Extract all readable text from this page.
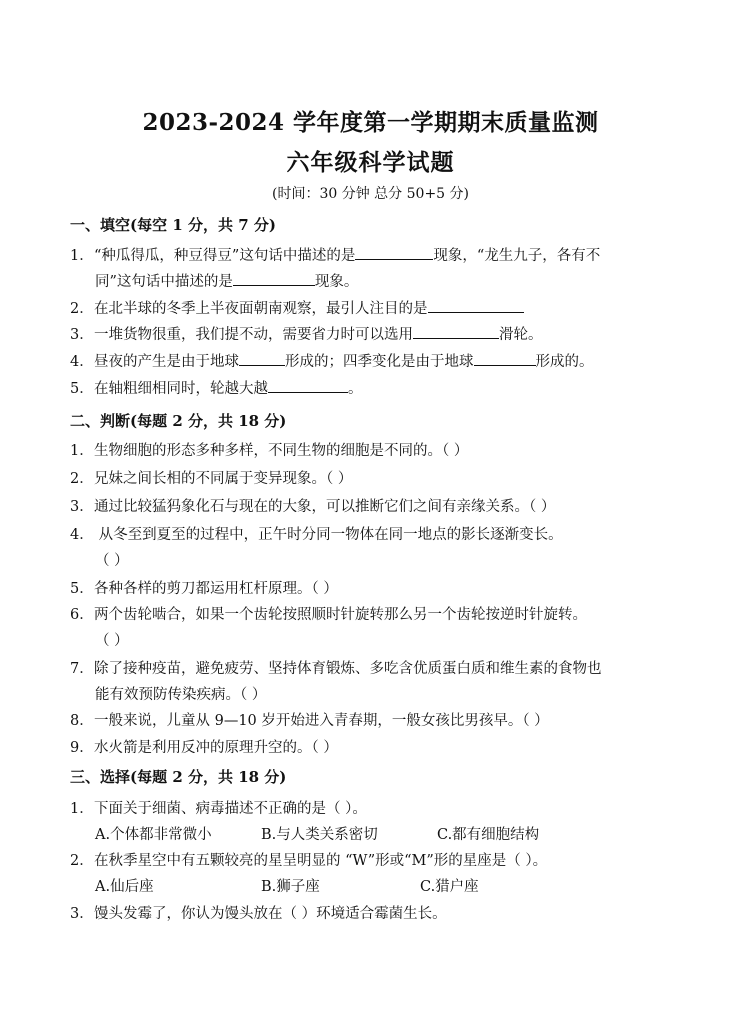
2023-2024 学年度第一学期期末质量监测
六年级科学试题
(时间：30 分钟 总分 50+5 分)
一、填空(每空 1 分，共 7 分)
1．“种瓜得瓜，种豆得豆”这句话中描述的是	现象，“龙生九子，各有不
同”这句话中描述的是	现象。
2．在北半球的冬季上半夜面朝南观察，最引人注目的是
3．一堆货物很重，我们提不动，需要省力时可以选用	滑轮。
4．昼夜的产生是由于地球	形成的；四季变化是由于地球	形成的。
5．在轴粗细相同时，轮越大越	。
二、判断(每题 2 分，共 18 分)
1．生物细胞的形态多种多样，不同生物的细胞是不同的。（ ）
2．兄妹之间长相的不同属于变异现象。（ ）
3．通过比较猛犸象化石与现在的大象，可以推断它们之间有亲缘关系。（ ）
4． 从冬至到夏至的过程中，正午时分同一物体在同一地点的影长逐渐变长。
（ ）
5．各种各样的剪刀都运用杠杆原理。（ ）
6．两个齿轮啮合，如果一个齿轮按照顺时针旋转那么另一个齿轮按逆时针旋转。
（ ）
7．除了接种疫苗，避免疲劳、坚持体育锻炼、多吃含优质蛋白质和维生素的食物也
能有效预防传染疾病。（ ）
8．一般来说，儿童从 9—10 岁开始进入青春期，一般女孩比男孩早。（ ）
9．水火箭是利用反冲的原理升空的。（ ）
三、选择(每题 2 分，共 18 分)
1．下面关于细菌、病毒描述不正确的是（ ）。
A.个体都非常微小	B.与人类关系密切	C.都有细胞结构
2．在秋季星空中有五颗较亮的星呈明显的 “W”形或“M”形的星座是（ ）。
A.仙后座	B.狮子座	C.猎户座
3．馒头发霉了，你认为馒头放在（ ）环境适合霉菌生长。
